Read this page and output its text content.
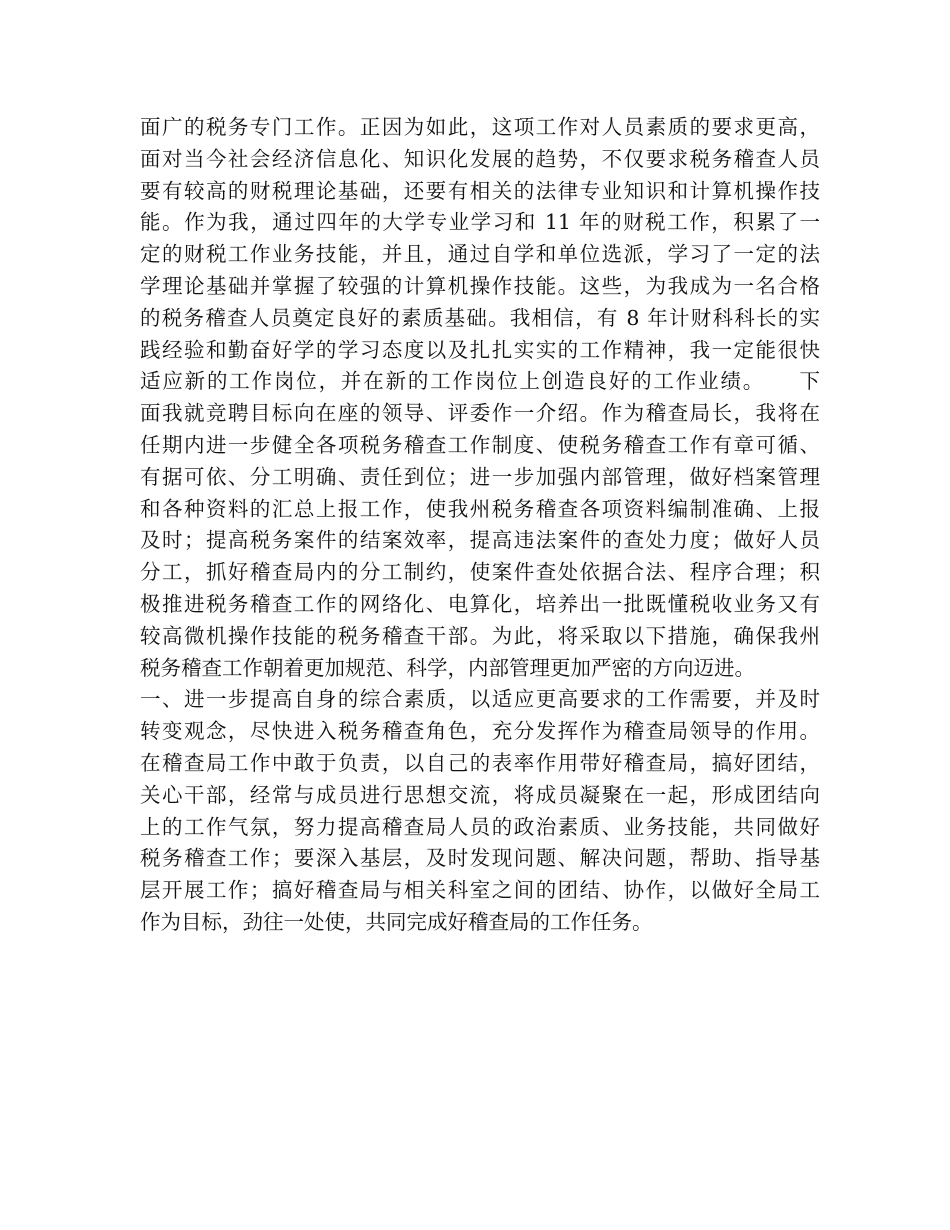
面广的税务专门工作。正因为如此，这项工作对人员素质的要求更高，
面对当今社会经济信息化、知识化发展的趋势，不仅要求税务稽查人员
要有较高的财税理论基础，还要有相关的法律专业知识和计算机操作技
能。作为我，通过四年的大学专业学习和 11 年的财税工作，积累了一
定的财税工作业务技能，并且，通过自学和单位选派，学习了一定的法
学理论基础并掌握了较强的计算机操作技能。这些，为我成为一名合格
的税务稽查人员奠定良好的素质基础。我相信，有 8 年计财科科长的实
践经验和勤奋好学的学习态度以及扎扎实实的工作精神，我一定能很快
适应新的工作岗位，并在新的工作岗位上创造良好的工作业绩。　　下
面我就竞聘目标向在座的领导、评委作一介绍。作为稽查局长，我将在
任期内进一步健全各项税务稽查工作制度、使税务稽查工作有章可循、
有据可依、分工明确、责任到位；进一步加强内部管理，做好档案管理
和各种资料的汇总上报工作，使我州税务稽查各项资料编制准确、上报
及时；提高税务案件的结案效率，提高违法案件的查处力度；做好人员
分工，抓好稽查局内的分工制约，使案件查处依据合法、程序合理；积
极推进税务稽查工作的网络化、电算化，培养出一批既懂税收业务又有
较高微机操作技能的税务稽查干部。为此，将采取以下措施，确保我州
税务稽查工作朝着更加规范、科学，内部管理更加严密的方向迈进。
一、进一步提高自身的综合素质，以适应更高要求的工作需要，并及时
转变观念，尽快进入税务稽查角色，充分发挥作为稽查局领导的作用。
在稽查局工作中敢于负责，以自己的表率作用带好稽查局，搞好团结，
关心干部，经常与成员进行思想交流，将成员凝聚在一起，形成团结向
上的工作气氛，努力提高稽查局人员的政治素质、业务技能，共同做好
税务稽查工作；要深入基层，及时发现问题、解决问题，帮助、指导基
层开展工作；搞好稽查局与相关科室之间的团结、协作，以做好全局工
作为目标，劲往一处使，共同完成好稽查局的工作任务。
